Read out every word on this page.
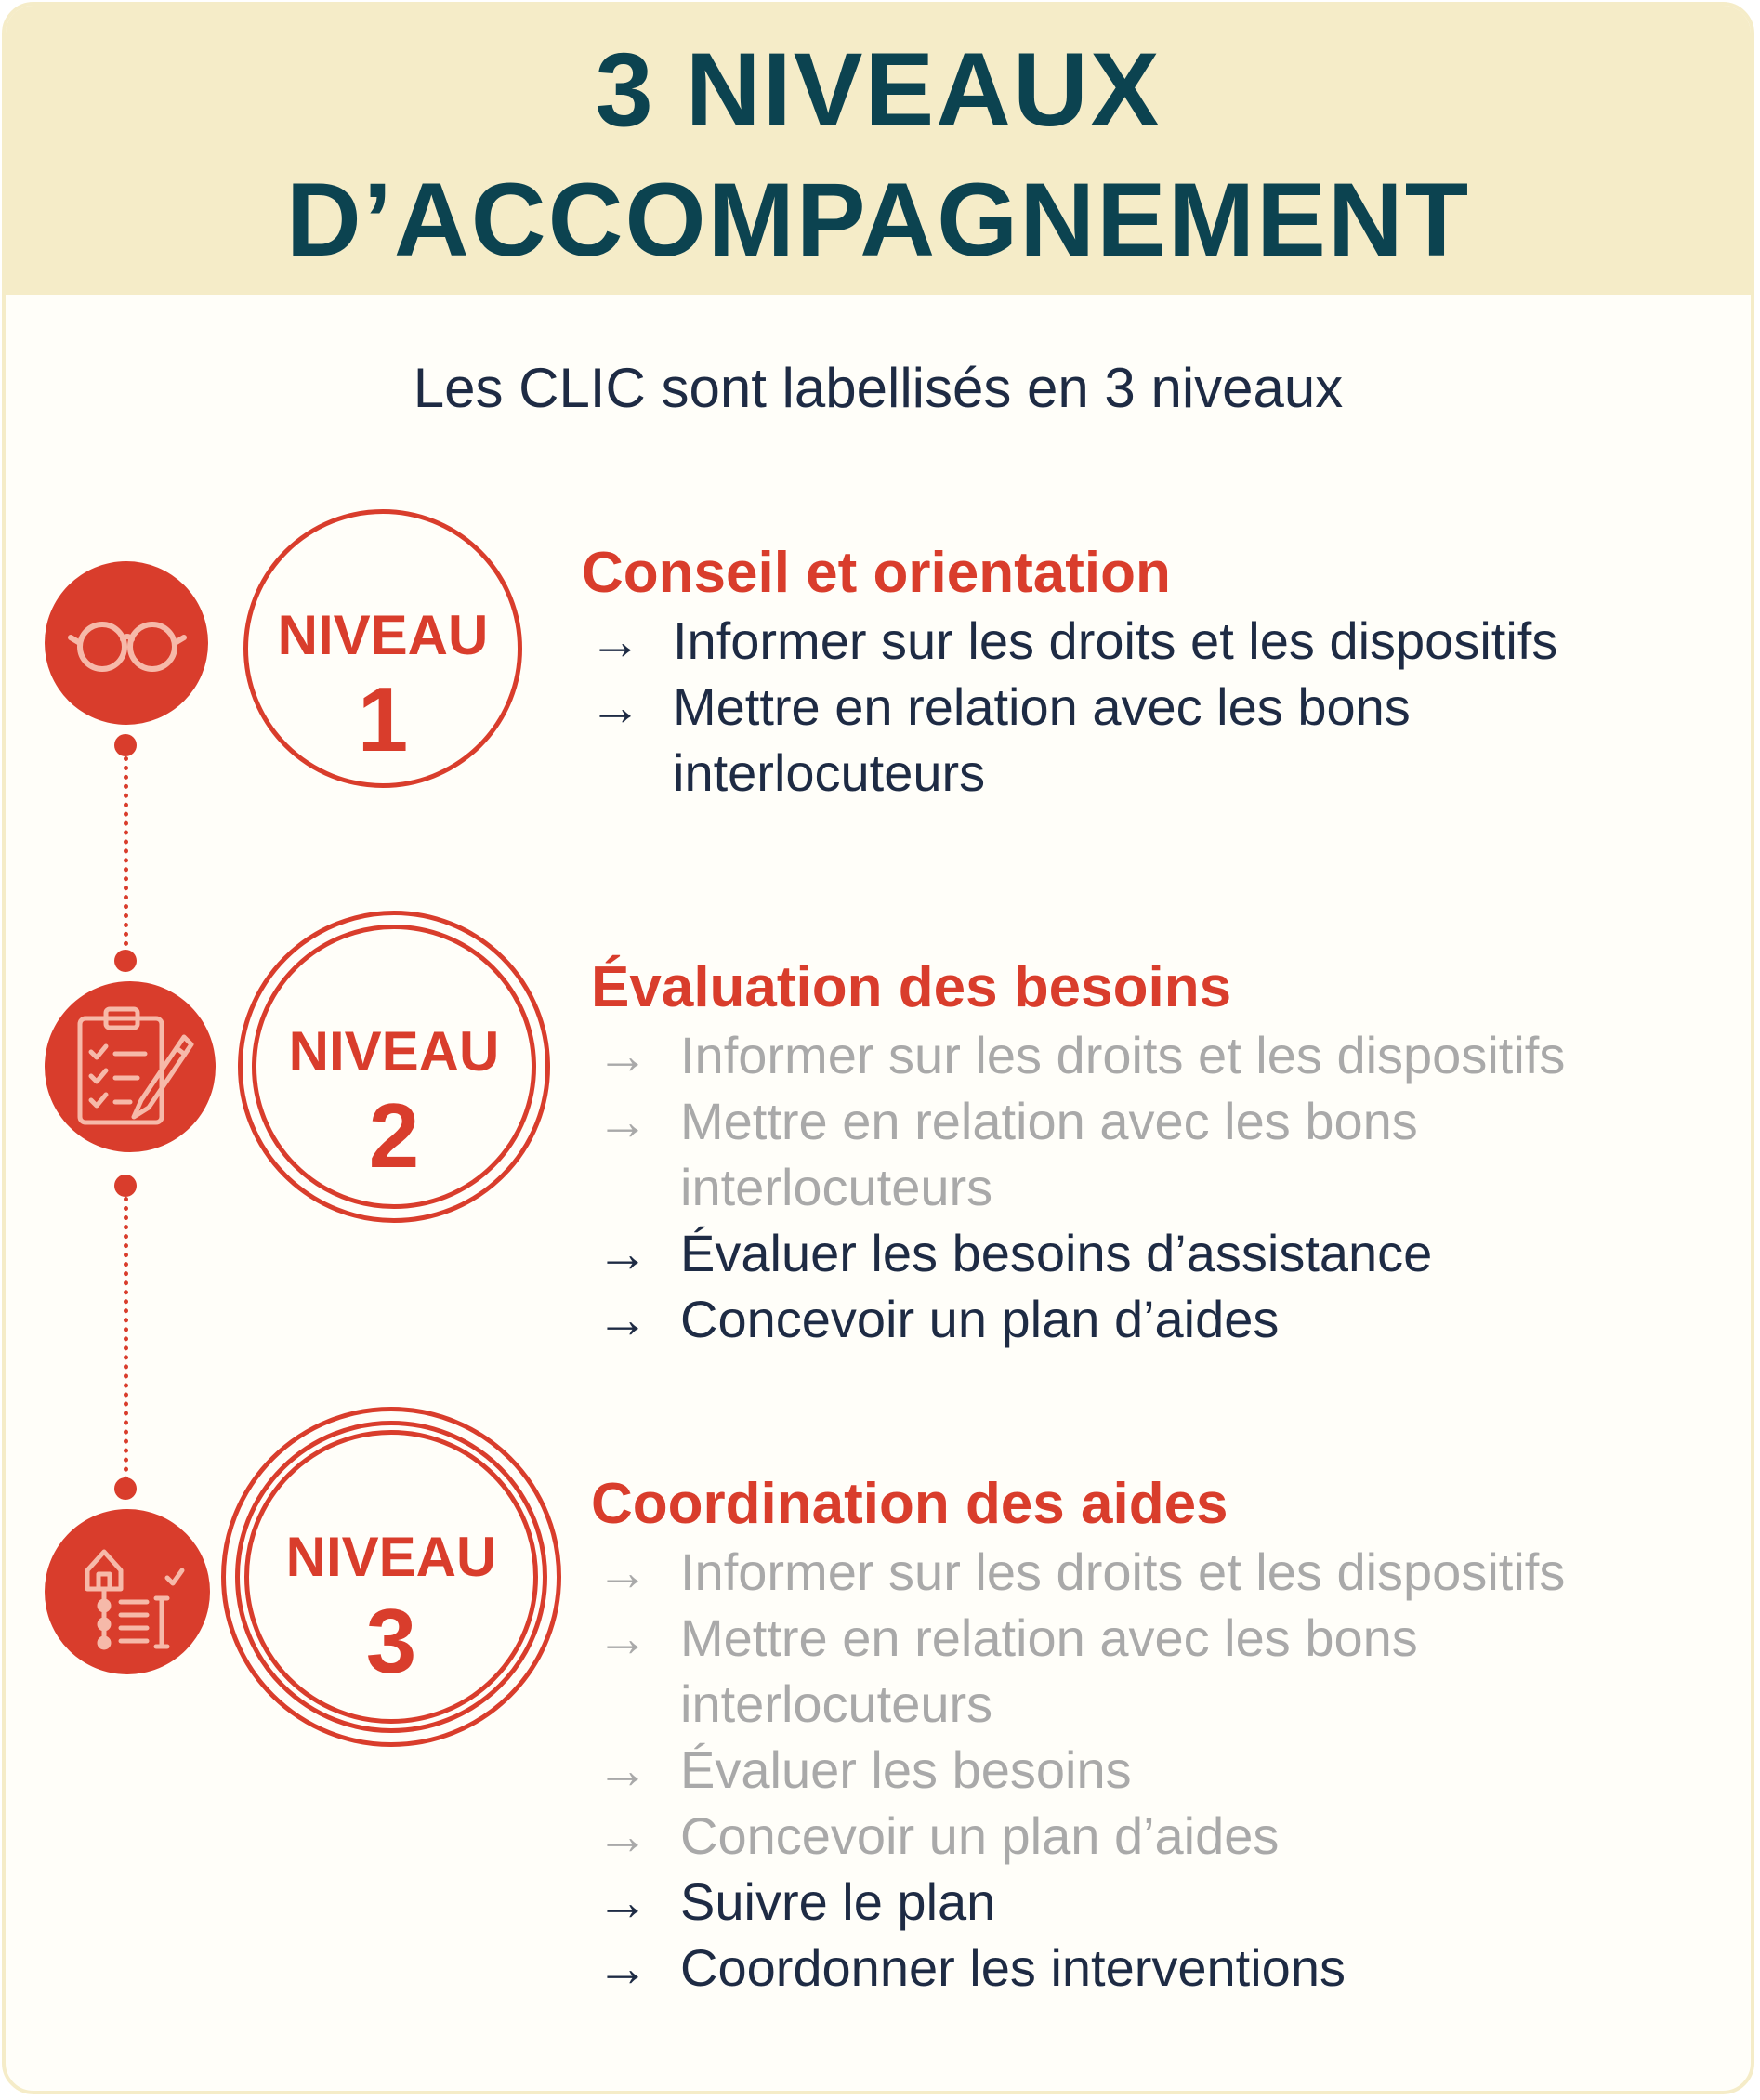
3 NIVEAUX
D’ACCOMPAGNEMENT

Les CLIC sont labellisés en 3 niveaux

NIVEAU

1

Conseil et orientation
→ Informer sur les droits et les dispositifs
→ Mettre en relation avec les bons
interlocuteurs

NIVEAU

2

Évaluation des besoins
→ Informer sur les droits et les dispositifs
→ Mettre en relation avec les bons
interlocuteurs
→ Évaluer les besoins d’assistance
→ Concevoir un plan d’aides

NIVEAU

3

Coordination des aides
→ Informer sur les droits et les dispositifs
→ Mettre en relation avec les bons
interlocuteurs
→ Évaluer les besoins
→ Concevoir un plan d’aides
→ Suivre le plan
→ Coordonner les interventions
